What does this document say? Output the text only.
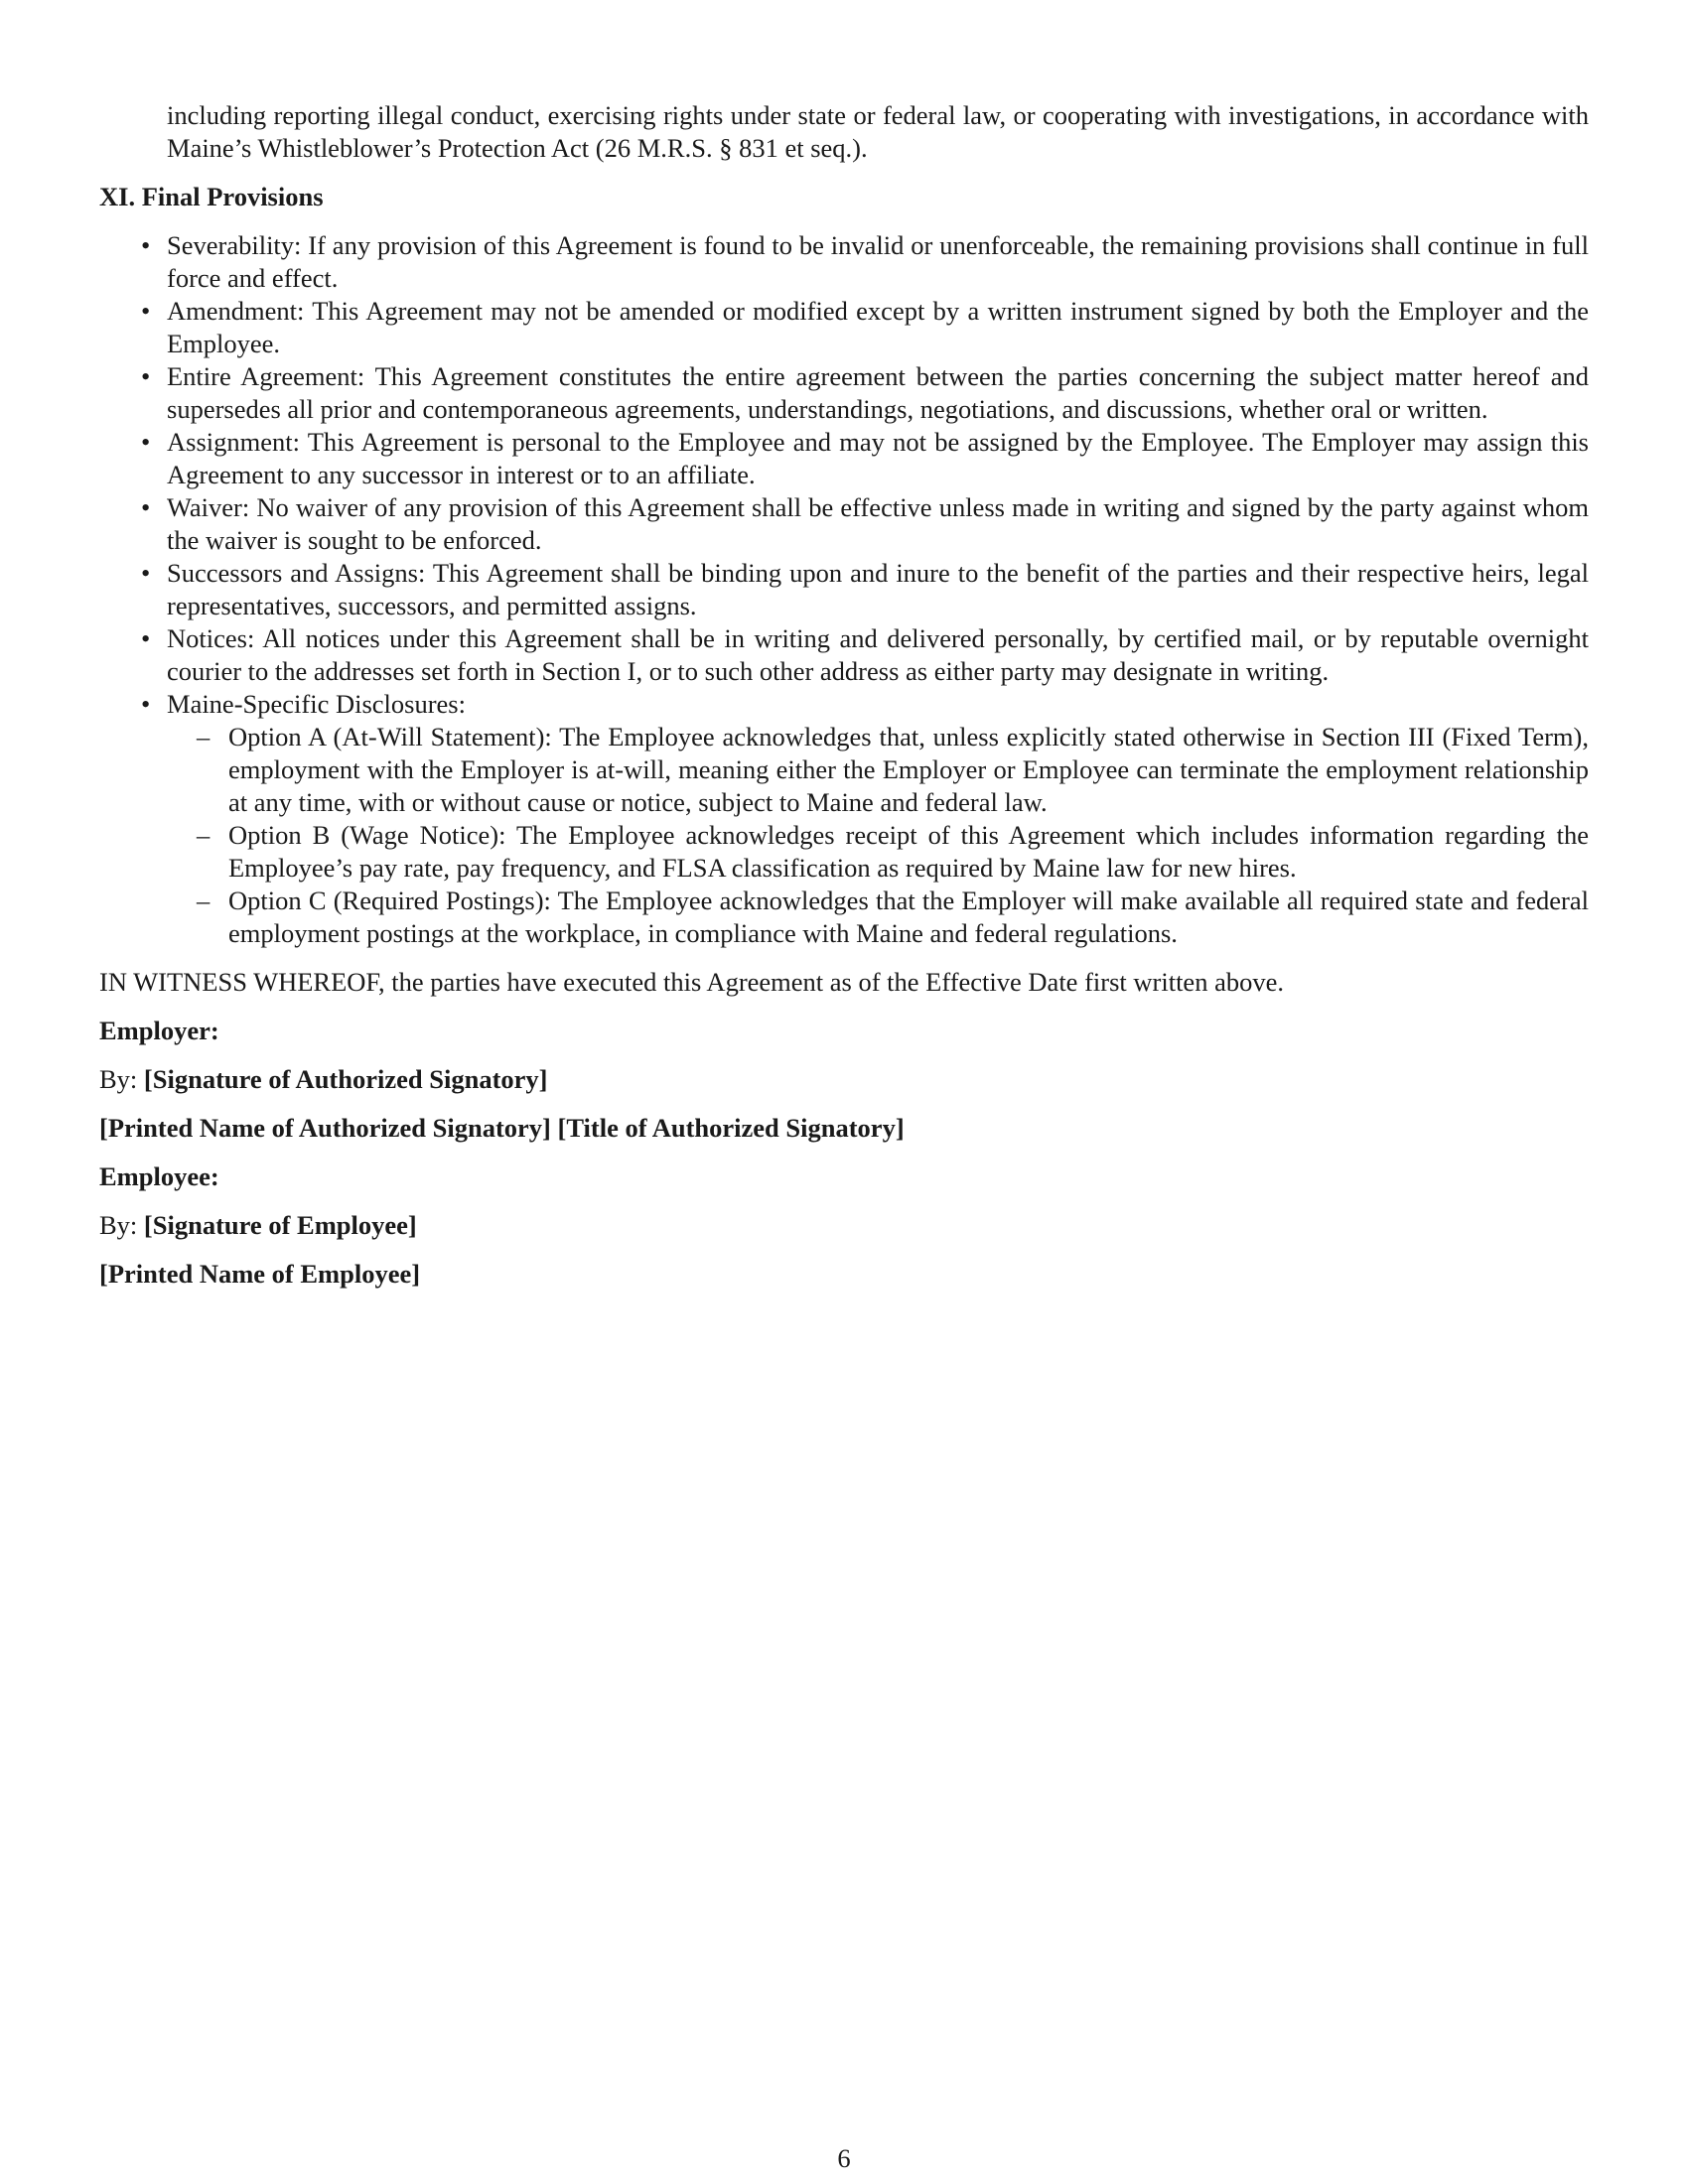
including reporting illegal conduct, exercising rights under state or federal law, or cooperating with investigations, in accordance with Maine’s Whistleblower’s Protection Act (26 M.R.S. § 831 et seq.).
XI. Final Provisions
• Severability: If any provision of this Agreement is found to be invalid or unenforceable, the remaining provisions shall continue in full force and effect.
• Amendment: This Agreement may not be amended or modified except by a written instrument signed by both the Employer and the Employee.
• Entire Agreement: This Agreement constitutes the entire agreement between the parties concerning the subject matter hereof and supersedes all prior and contemporaneous agreements, understandings, negotiations, and discussions, whether oral or written.
• Assignment: This Agreement is personal to the Employee and may not be assigned by the Employee. The Employer may assign this Agreement to any successor in interest or to an affiliate.
• Waiver: No waiver of any provision of this Agreement shall be effective unless made in writing and signed by the party against whom the waiver is sought to be enforced.
• Successors and Assigns: This Agreement shall be binding upon and inure to the benefit of the parties and their respective heirs, legal representatives, successors, and permitted assigns.
• Notices: All notices under this Agreement shall be in writing and delivered personally, by certified mail, or by reputable overnight courier to the addresses set forth in Section I, or to such other address as either party may designate in writing.
• Maine-Specific Disclosures:
– Option A (At-Will Statement): The Employee acknowledges that, unless explicitly stated otherwise in Section III (Fixed Term), employment with the Employer is at-will, meaning either the Employer or Employee can terminate the employment relationship at any time, with or without cause or notice, subject to Maine and federal law.
– Option B (Wage Notice): The Employee acknowledges receipt of this Agreement which includes information regarding the Employee’s pay rate, pay frequency, and FLSA classification as required by Maine law for new hires.
– Option C (Required Postings): The Employee acknowledges that the Employer will make available all required state and federal employment postings at the workplace, in compliance with Maine and federal regulations.

IN WITNESS WHEREOF, the parties have executed this Agreement as of the Effective Date first written above.

Employer:

By: [Signature of Authorized Signatory]

[Printed Name of Authorized Signatory] [Title of Authorized Signatory]

Employee:

By: [Signature of Employee]

[Printed Name of Employee]

6
